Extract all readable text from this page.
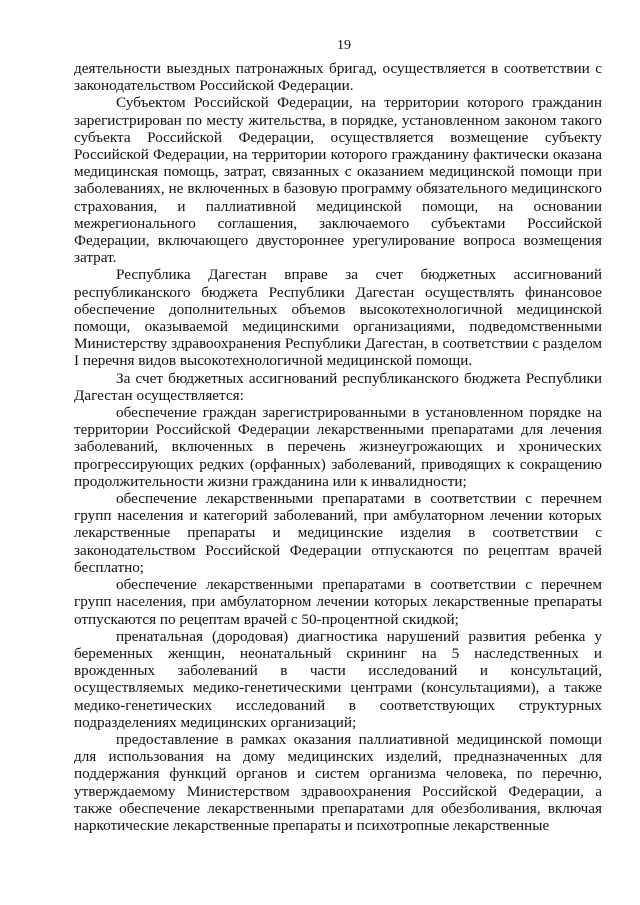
19

деятельности выездных патронажных бригад, осуществляется в соответствии с законодательством Российской Федерации.

Субъектом Российской Федерации, на территории которого гражданин зарегистрирован по месту жительства, в порядке, установленном законом такого субъекта Российской Федерации, осуществляется возмещение субъекту Российской Федерации, на территории которого гражданину фактически оказана медицинская помощь, затрат, связанных с оказанием медицинской помощи при заболеваниях, не включенных в базовую программу обязательного медицинского страхования, и паллиативной медицинской помощи, на основании межрегионального соглашения, заключаемого субъектами Российской Федерации, включающего двустороннее урегулирование вопроса возмещения затрат.

Республика Дагестан вправе за счет бюджетных ассигнований республиканского бюджета Республики Дагестан осуществлять финансовое обеспечение дополнительных объемов высокотехнологичной медицинской помощи, оказываемой медицинскими организациями, подведомственными Министерству здравоохранения Республики Дагестан, в соответствии с разделом I перечня видов высокотехнологичной медицинской помощи.

За счет бюджетных ассигнований республиканского бюджета Республики Дагестан осуществляется:

обеспечение граждан зарегистрированными в установленном порядке на территории Российской Федерации лекарственными препаратами для лечения заболеваний, включенных в перечень жизнеугрожающих и хронических прогрессирующих редких (орфанных) заболеваний, приводящих к сокращению продолжительности жизни гражданина или к инвалидности;

обеспечение лекарственными препаратами в соответствии с перечнем групп населения и категорий заболеваний, при амбулаторном лечении которых лекарственные препараты и медицинские изделия в соответствии с законодательством Российской Федерации отпускаются по рецептам врачей бесплатно;

обеспечение лекарственными препаратами в соответствии с перечнем групп населения, при амбулаторном лечении которых лекарственные препараты отпускаются по рецептам врачей с 50-процентной скидкой;

пренатальная (дородовая) диагностика нарушений развития ребенка у беременных женщин, неонатальный скрининг на 5 наследственных и врожденных заболеваний в части исследований и консультаций, осуществляемых медико-генетическими центрами (консультациями), а также медико-генетических исследований в соответствующих структурных подразделениях медицинских организаций;

предоставление в рамках оказания паллиативной медицинской помощи для использования на дому медицинских изделий, предназначенных для поддержания функций органов и систем организма человека, по перечню, утверждаемому Министерством здравоохранения Российской Федерации, а также обеспечение лекарственными препаратами для обезболивания, включая наркотические лекарственные препараты и психотропные лекарственные
